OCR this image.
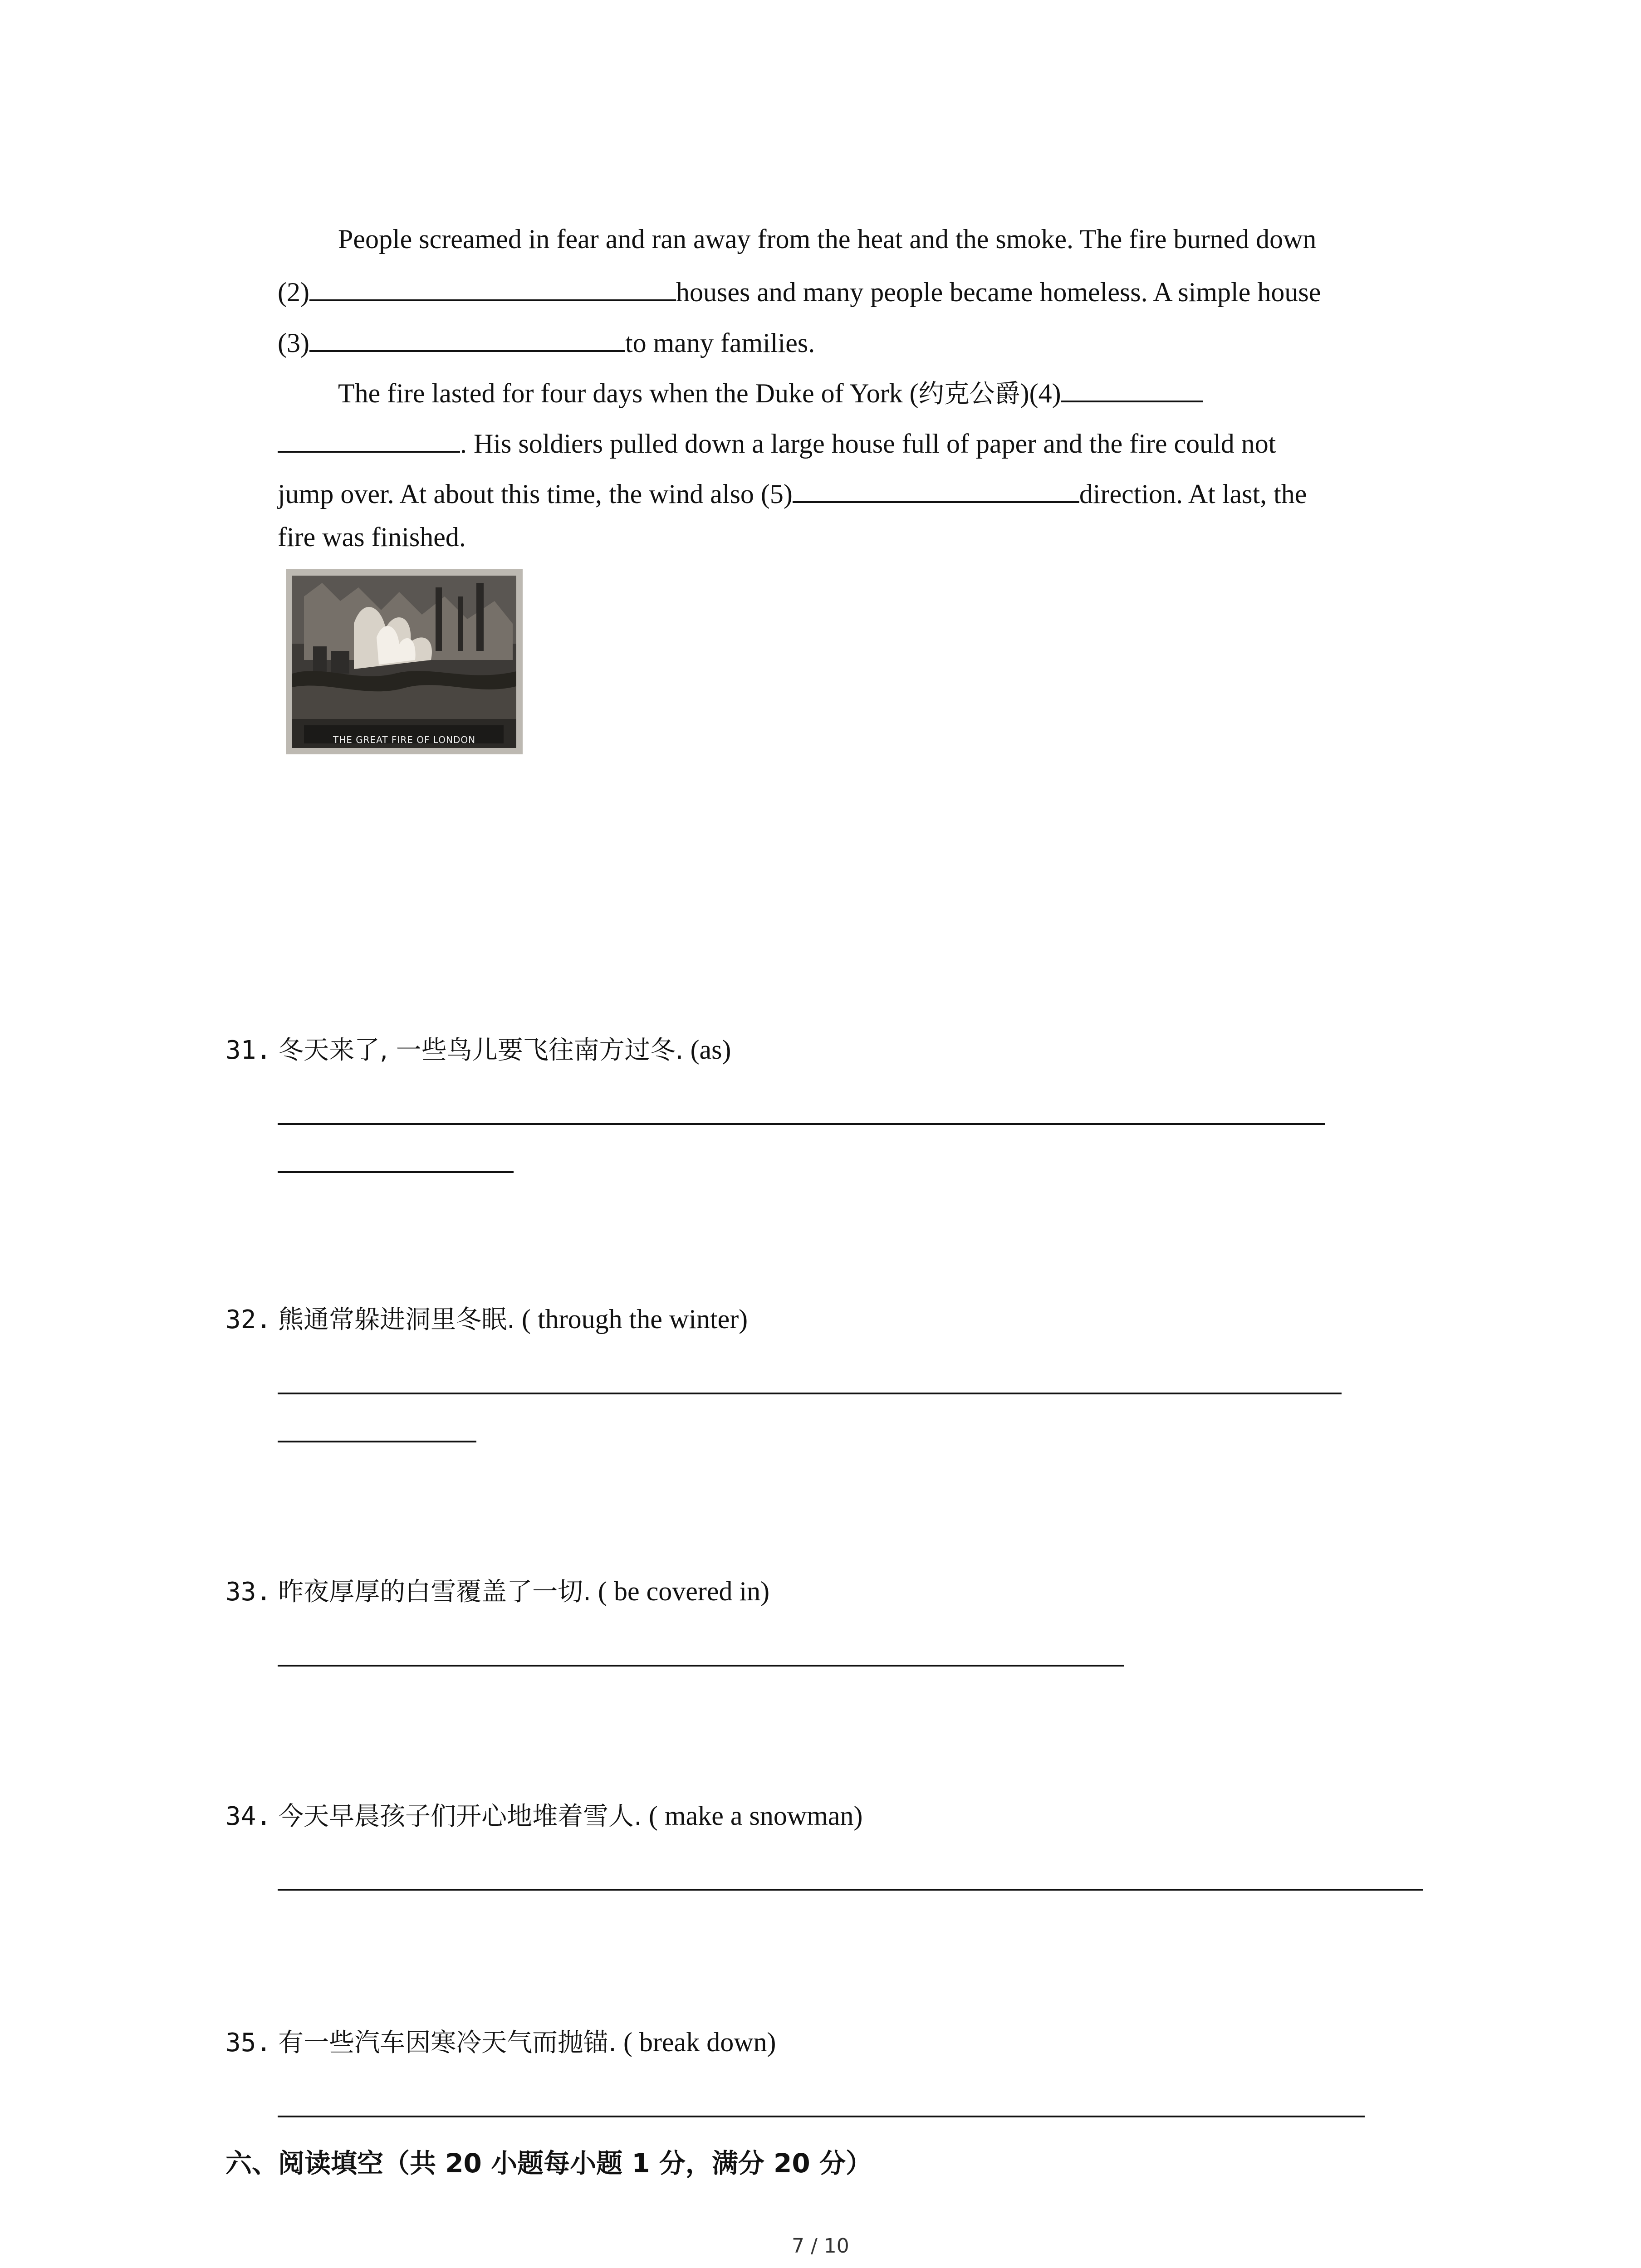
People screamed in fear and ran away from the heat and the smoke. The fire burned down
(2)	houses and many people became homeless. A simple house
(3)	to many families.
The fire lasted for four days when the Duke of York (约克公爵)(4)
. His soldiers pulled down a large house full of paper and the fire could not
jump over. At about this time, the wind also (5)	direction. At last, the
fire was finished.
THE GREAT FIRE OF LONDON
31. 冬天来了, 一些鸟儿要飞往南方过冬. (as)
32. 熊通常躲进洞里冬眠. ( through the winter)
33. 昨夜厚厚的白雪覆盖了一切. ( be covered in)
34. 今天早晨孩子们开心地堆着雪人. ( make a snowman)
35. 有一些汽车因寒冷天气而抛锚. ( break down)
六、阅读填空（共 20 小题每小题 1 分，满分 20 分）
7 / 10
